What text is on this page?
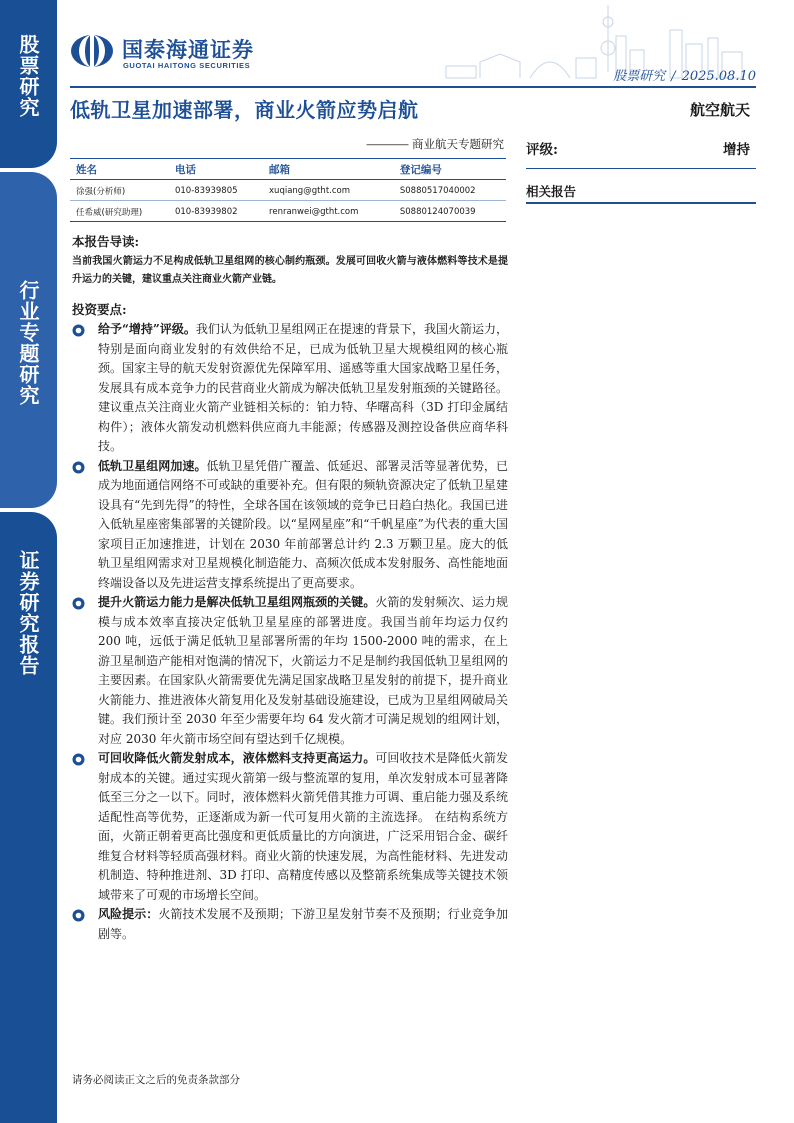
股票研究
行业专题研究
证券研究报告
国泰海通证券
GUOTAI HAITONG SECURITIES
股票研究 / 2025.08.10
低轨卫星加速部署，商业火箭应势启航	航空航天
———— 商业航天专题研究
姓名	电话	邮箱	登记编号
徐强(分析师)	010-83939805	xuqiang@gtht.com	S0880517040002
任希威(研究助理)	010-83939802	renranwei@gtht.com	S0880124070039
评级:	增持
相关报告
本报告导读:
当前我国火箭运力不足构成低轨卫星组网的核心制约瓶颈。发展可回收火箭与液体燃料等技术是提升运力的关键，建议重点关注商业火箭产业链。
投资要点:
给予“增持”评级。我们认为低轨卫星组网正在提速的背景下，我国火箭运力，特别是面向商业发射的有效供给不足，已成为低轨卫星大规模组网的核心瓶颈。国家主导的航天发射资源优先保障军用、遥感等重大国家战略卫星任务，发展具有成本竞争力的民营商业火箭成为解决低轨卫星发射瓶颈的关键路径。建议重点关注商业火箭产业链相关标的：铂力特、华曙高科（3D 打印金属结构件）；液体火箭发动机燃料供应商九丰能源；传感器及测控设备供应商华科技。
低轨卫星组网加速。低轨卫星凭借广覆盖、低延迟、部署灵活等显著优势，已成为地面通信网络不可或缺的重要补充。但有限的频轨资源决定了低轨卫星建设具有“先到先得”的特性，全球各国在该领域的竞争已日趋白热化。我国已进入低轨星座密集部署的关键阶段。以“星网星座”和“千帆星座”为代表的重大国家项目正加速推进，计划在 2030 年前部署总计约 2.3 万颗卫星。庞大的低轨卫星组网需求对卫星规模化制造能力、高频次低成本发射服务、高性能地面终端设备以及先进运营支撑系统提出了更高要求。
提升火箭运力能力是解决低轨卫星组网瓶颈的关键。火箭的发射频次、运力规模与成本效率直接决定低轨卫星星座的部署进度。我国当前年均运力仅约 200 吨，远低于满足低轨卫星部署所需的年均 1500-2000 吨的需求，在上游卫星制造产能相对饱满的情况下，火箭运力不足是制约我国低轨卫星组网的主要因素。在国家队火箭需要优先满足国家战略卫星发射的前提下，提升商业火箭能力、推进液体火箭复用化及发射基础设施建设，已成为卫星组网破局关键。我们预计至 2030 年至少需要年均 64 发火箭才可满足规划的组网计划，对应 2030 年火箭市场空间有望达到千亿规模。
可回收降低火箭发射成本，液体燃料支持更高运力。可回收技术是降低火箭发射成本的关键。通过实现火箭第一级与整流罩的复用，单次发射成本可显著降低至三分之一以下。同时，液体燃料火箭凭借其推力可调、重启能力强及系统适配性高等优势，正逐渐成为新一代可复用火箭的主流选择。 在结构系统方面，火箭正朝着更高比强度和更低质量比的方向演进，广泛采用铝合金、碳纤维复合材料等轻质高强材料。商业火箭的快速发展，为高性能材料、先进发动机制造、特种推进剂、3D 打印、高精度传感以及整箭系统集成等关键技术领域带来了可观的市场增长空间。
风险提示：火箭技术发展不及预期；下游卫星发射节奏不及预期；行业竞争加剧等。
请务必阅读正文之后的免责条款部分
